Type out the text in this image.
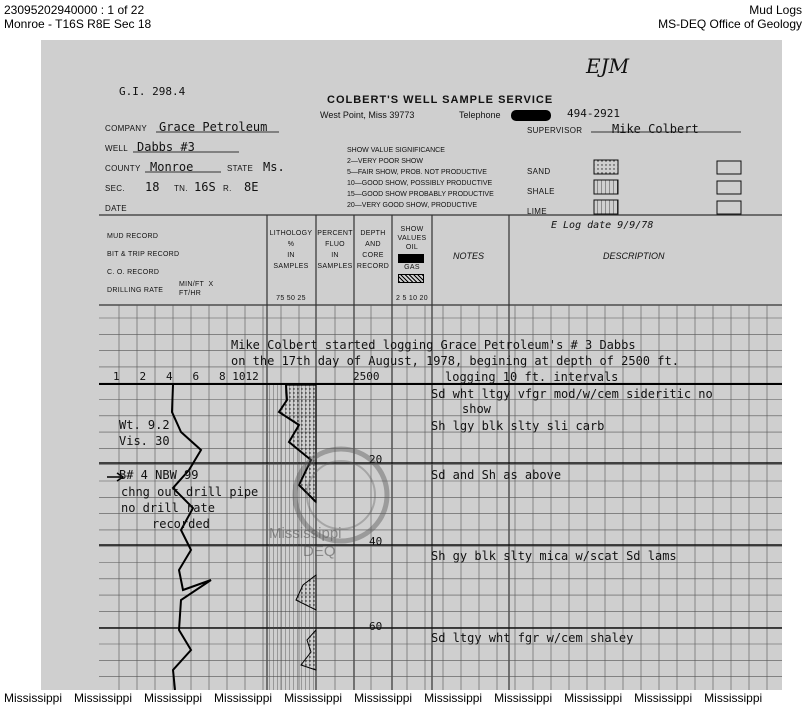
23095202940000 : 1 of 22
Monroe - T16S R8E Sec 18
Mud Logs
MS-DEQ Office of Geology
G.I. 298.4
COLBERT'S WELL SAMPLE SERVICE
West Point, Miss 39773	Telephone	494-2921
EJM
SUPERVISOR Mike Colbert
COMPANY Grace Petroleum
WELL Dabbs #3
COUNTY Monroe	STATE Ms.
SEC. 18 TN. 16S R. 8E
DATE
SHOW VALUE SIGNIFICANCE
2—VERY POOR SHOW
5—FAIR SHOW, PROB. NOT PRODUCTIVE
10—GOOD SHOW, POSSIBLY PRODUCTIVE
15—GOOD SHOW PROBABLY PRODUCTIVE
20—VERY GOOD SHOW, PRODUCTIVE
SAND
SHALE
LIME
E Log date 9/9/78
MUD RECORD
BIT & TRIP RECORD
C. O. RECORD
DRILLING RATE
MIN/FT  X
FT/HR
LITHOLOGY
%
IN
SAMPLES
75 50 25
PERCENT
FLUO
IN
SAMPLES
DEPTH
AND
CORE
RECORD
SHOW
VALUES
OIL
GAS
2 5 10 20
NOTES	DESCRIPTION
Mike Colbert started logging Grace Petroleum's # 3 Dabbs
on the 17th day of August, 1978, begining at depth of 2500 ft.
logging 10 ft. intervals
1   2   4   6   8 1012	2500
20
40
60
Wt. 9.2
Vis. 30
B# 4 NBW 99
chng out drill pipe
no drill rate
recorded
Sd wht ltgy vfgr mod/w/cem sideritic no
show
Sh lgy blk slty sli carb
Sd and Sh as above
Sh gy blk slty mica w/scat Sd lams
Sd ltgy wht fgr w/cem shaley
Mississippi
DEQ
Mississippi Mississippi Mississippi Mississippi Mississippi Mississippi Mississippi Mississippi Mississippi Mississippi Mississippi
